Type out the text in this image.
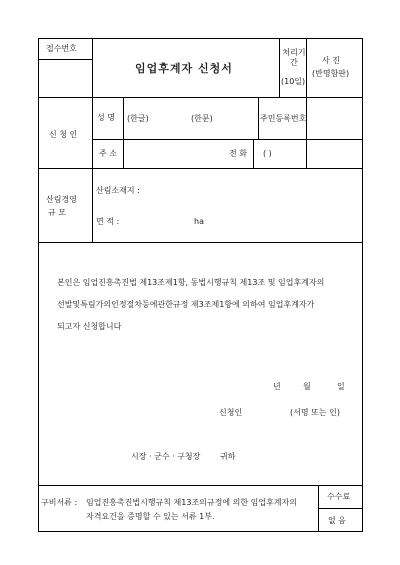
접수번호
임업후계자 신청서
처리기간
(10일)
사 진
(반명함판)
신 청 인
성 명 (한글)	(한문)	주민등록번호
주 소	전 화 ( )
산림경영
규 모
산림소재지 :
면 적 :	ha
본인은 임업진흥촉진법 제13조제1항, 동법시행규칙 제13조 및 임업후계자의
선발및특림가의인정절차등에관한규정 제3조제1항에 의하여 임업후계자가
되고자 신청합니다
년	월	일
신청인	(서명 또는 인)
시장 · 군수 · 구청장 귀하
구비서류 : 임업진흥촉진법시행규칙 제13조의규정에 의한 임업후계자의
자격요건을 증명할 수 있는 서류 1부.
수수료
없 음
